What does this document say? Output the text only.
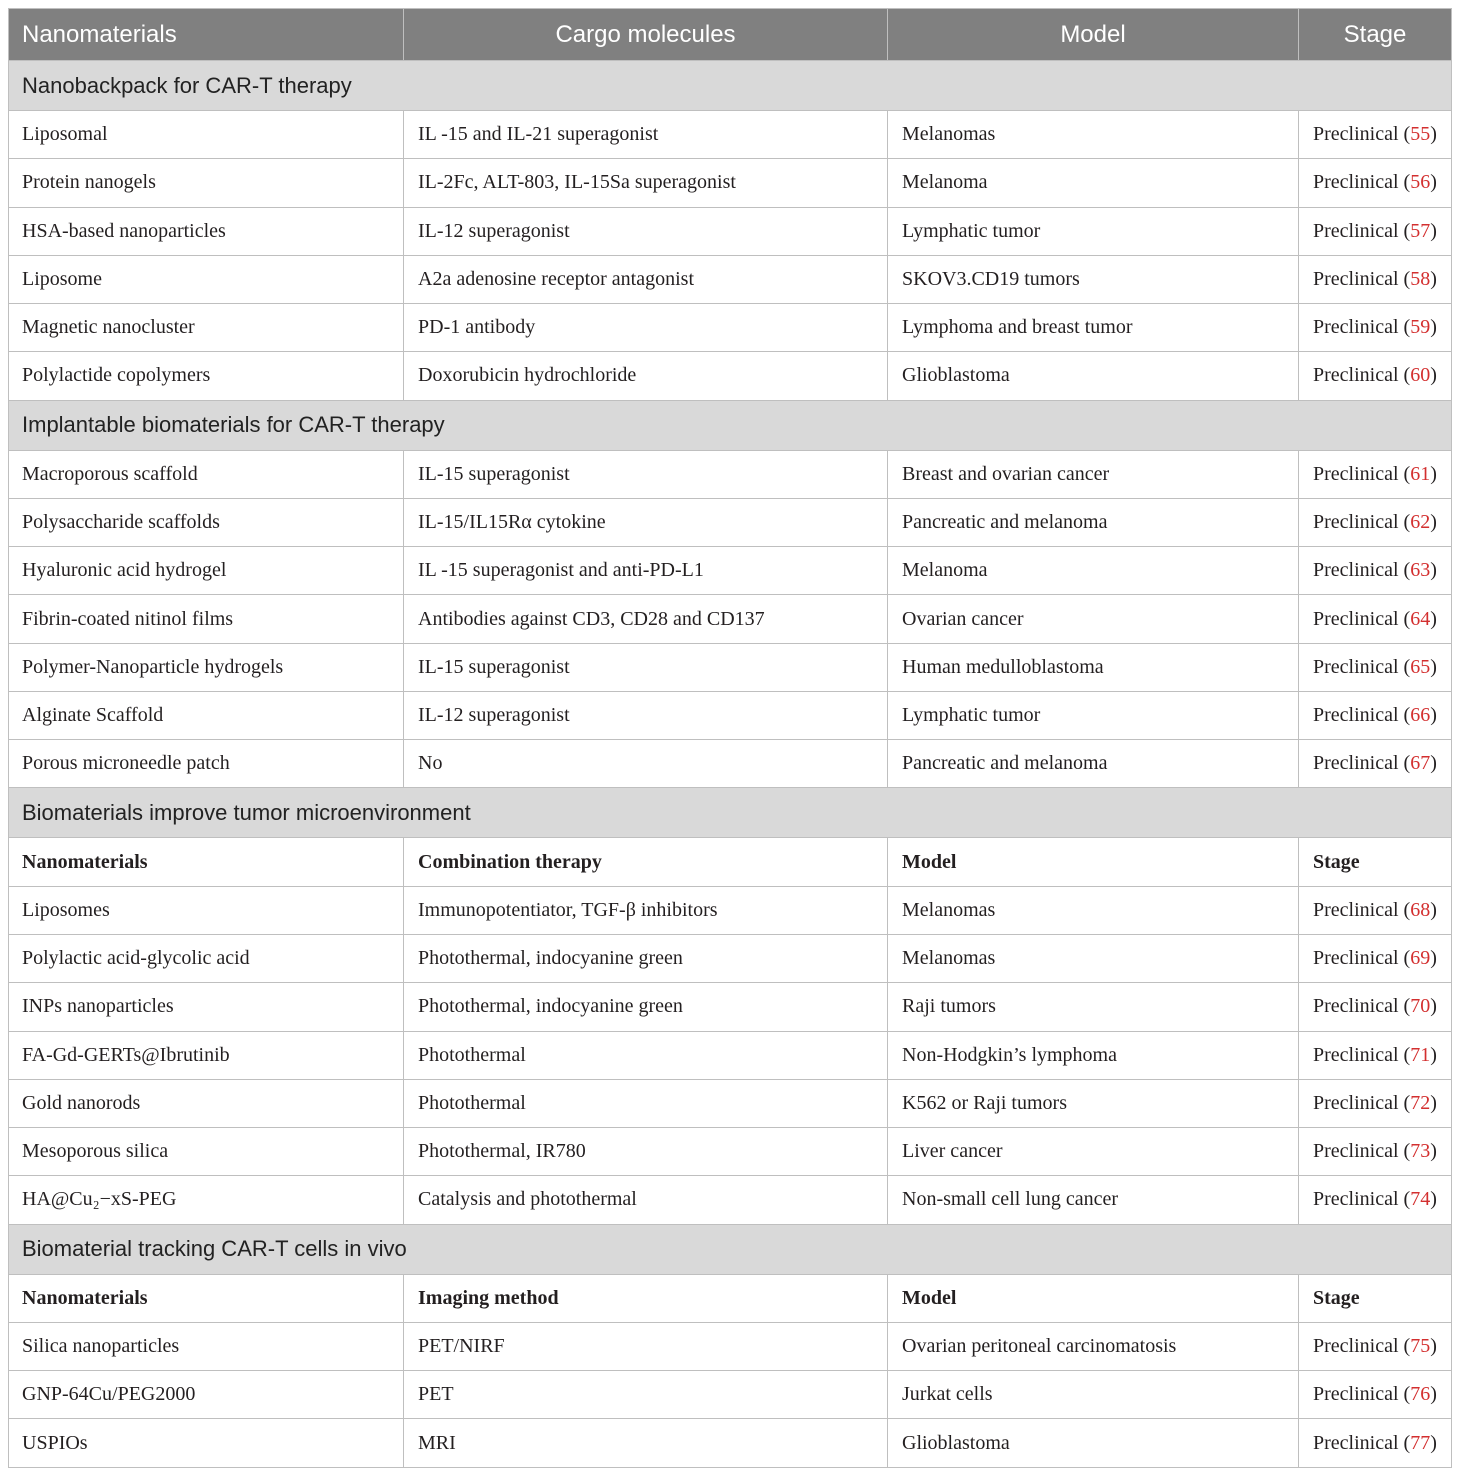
Nanomaterials	Cargo molecules	Model	Stage
Nanobackpack for CAR-T therapy
Liposomal	IL -15 and IL-21 superagonist	Melanomas	Preclinical (55)
Protein nanogels	IL-2Fc, ALT-803, IL-15Sa superagonist	Melanoma	Preclinical (56)
HSA-based nanoparticles	IL-12 superagonist	Lymphatic tumor	Preclinical (57)
Liposome	A2a adenosine receptor antagonist	SKOV3.CD19 tumors	Preclinical (58)
Magnetic nanocluster	PD-1 antibody	Lymphoma and breast tumor	Preclinical (59)
Polylactide copolymers	Doxorubicin hydrochloride	Glioblastoma	Preclinical (60)
Implantable biomaterials for CAR-T therapy
Macroporous scaffold	IL-15 superagonist	Breast and ovarian cancer	Preclinical (61)
Polysaccharide scaffolds	IL-15/IL15Rα cytokine	Pancreatic and melanoma	Preclinical (62)
Hyaluronic acid hydrogel	IL -15 superagonist and anti-PD-L1	Melanoma	Preclinical (63)
Fibrin-coated nitinol films	Antibodies against CD3, CD28 and CD137	Ovarian cancer	Preclinical (64)
Polymer-Nanoparticle hydrogels	IL-15 superagonist	Human medulloblastoma	Preclinical (65)
Alginate Scaffold	IL-12 superagonist	Lymphatic tumor	Preclinical (66)
Porous microneedle patch	No	Pancreatic and melanoma	Preclinical (67)
Biomaterials improve tumor microenvironment
Nanomaterials	Combination therapy	Model	Stage
Liposomes	Immunopotentiator, TGF-β inhibitors	Melanomas	Preclinical (68)
Polylactic acid-glycolic acid	Photothermal, indocyanine green	Melanomas	Preclinical (69)
INPs nanoparticles	Photothermal, indocyanine green	Raji tumors	Preclinical (70)
FA-Gd-GERTs@Ibrutinib	Photothermal	Non-Hodgkin’s lymphoma	Preclinical (71)
Gold nanorods	Photothermal	K562 or Raji tumors	Preclinical (72)
Mesoporous silica	Photothermal, IR780	Liver cancer	Preclinical (73)
HA@Cu₂−xS-PEG	Catalysis and photothermal	Non-small cell lung cancer	Preclinical (74)
Biomaterial tracking CAR-T cells in vivo
Nanomaterials	Imaging method	Model	Stage
Silica nanoparticles	PET/NIRF	Ovarian peritoneal carcinomatosis	Preclinical (75)
GNP-64Cu/PEG2000	PET	Jurkat cells	Preclinical (76)
USPIOs	MRI	Glioblastoma	Preclinical (77)
